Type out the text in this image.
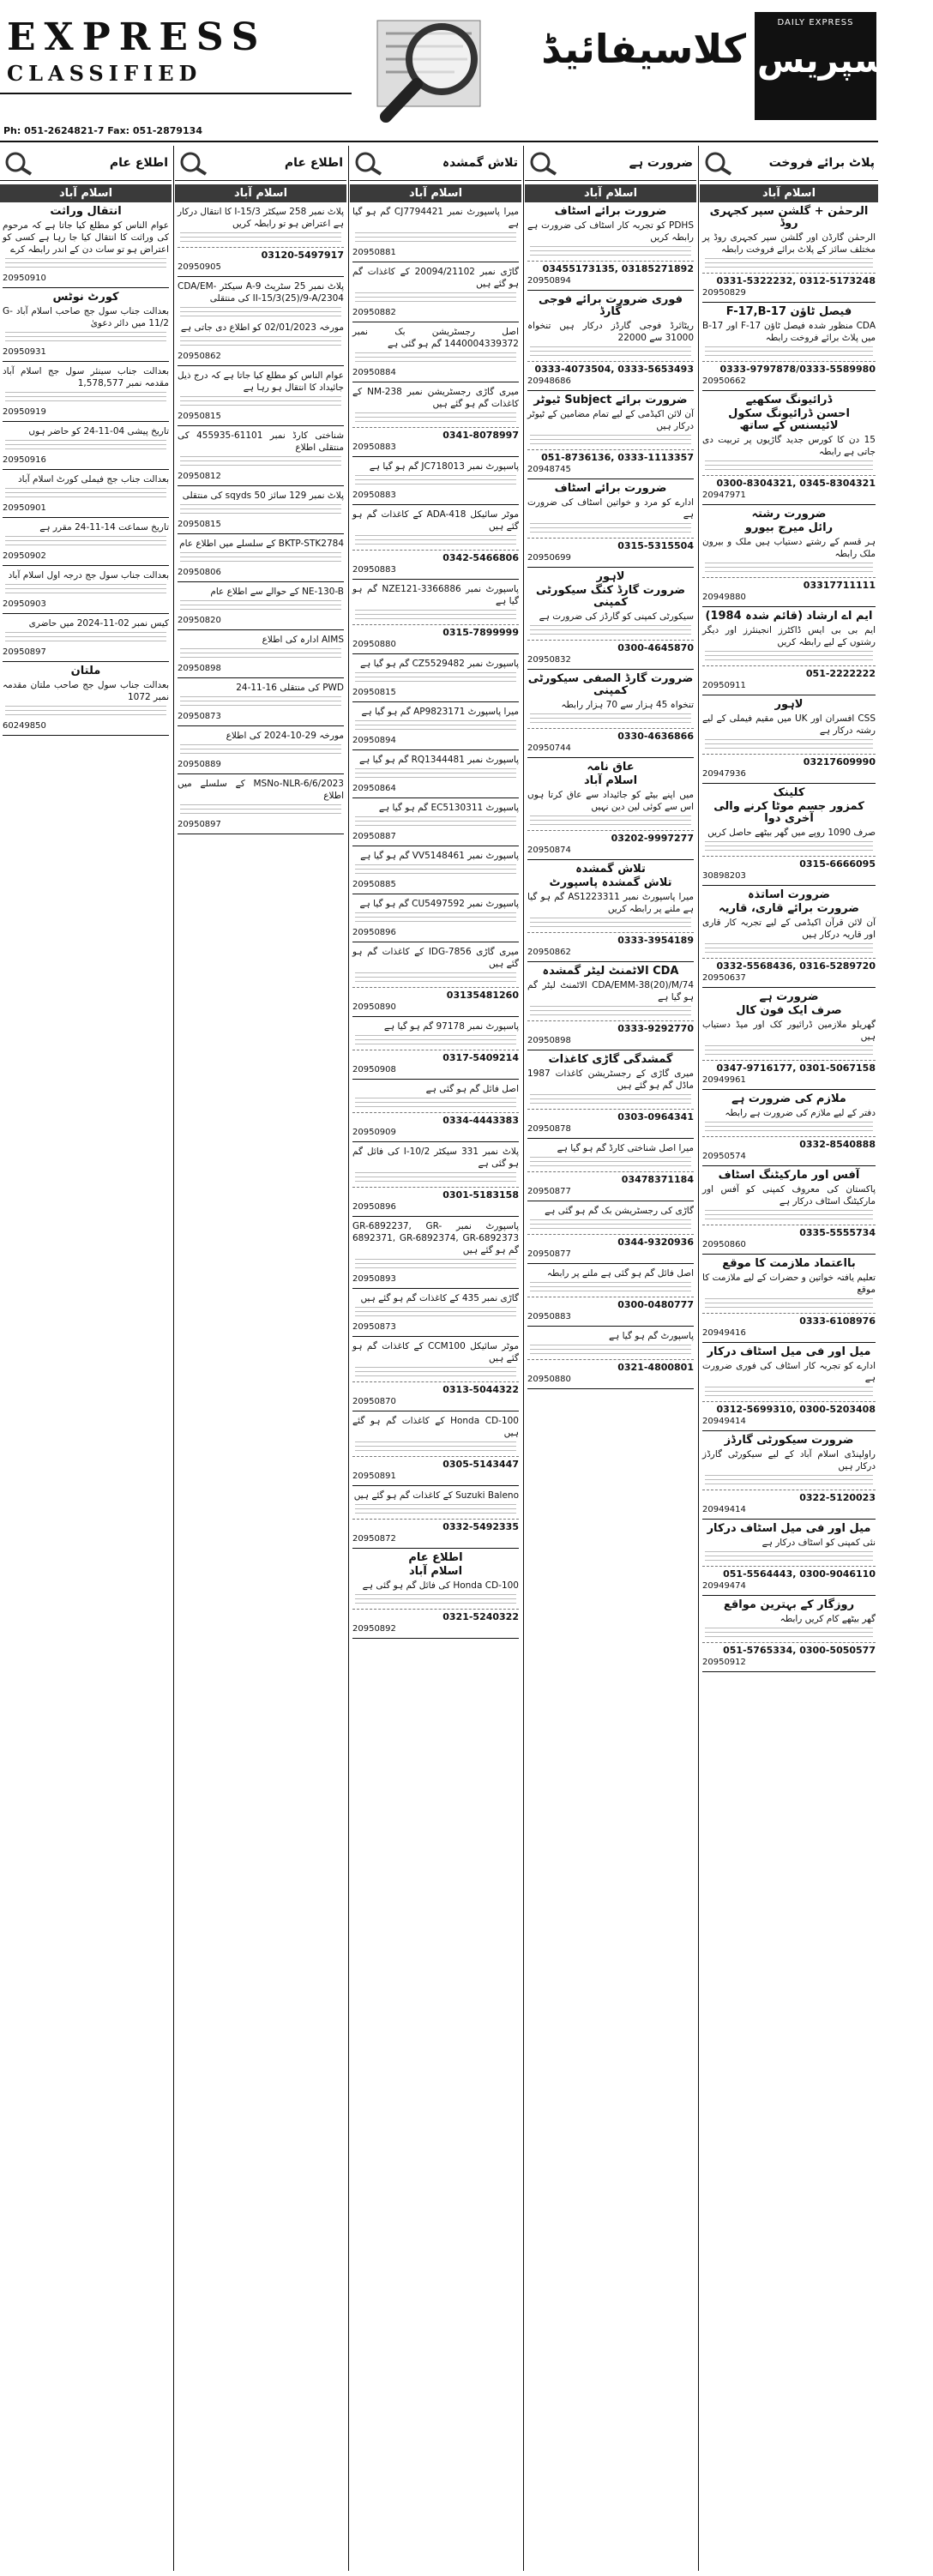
EXPRESS
CLASSIFIED
Ph: 051-2624821-7 Fax: 051-2879134
کلاسیفائیڈ
DAILY EXPRESS
ایکسپریس
اطلاع عام
اسلام آباد
انتقال وراثت
عوام الناس کو مطلع کیا جاتا ہے کہ مرحوم کی وراثت کا انتقال کیا جا رہا ہے کسی کو اعتراض ہو تو سات دن کے اندر رابطہ کرے
20950910
کورٹ نوٹس
بعدالت جناب سول جج صاحب اسلام آباد G-11/2 میں دائر دعویٰ
20950931
بعدالت جناب سینئر سول جج اسلام آباد مقدمہ نمبر 1,578,577
20950919
تاریخ پیشی 04-11-24 کو حاضر ہوں
20950916
بعدالت جناب جج فیملی کورٹ اسلام آباد
20950901
تاریخ سماعت 14-11-24 مقرر ہے
20950902
بعدالت جناب سول جج درجہ اول اسلام آباد
20950903
کیس نمبر 02-11-2024 میں حاضری
20950897
ملتان
بعدالت جناب سول جج صاحب ملتان مقدمہ نمبر 1072
60249850
اطلاع عام
اسلام آباد
پلاٹ نمبر 258 سیکٹر I-15/3 کا انتقال درکار ہے اعتراض ہو تو رابطہ کریں
03120-5497917
20950905
پلاٹ نمبر 25 سٹریٹ 9-A سیکٹر CDA/EM-II-15/3(25)/9-A/2304 کی منتقلی
مورخہ 02/01/2023 کو اطلاع دی جاتی ہے
20950862
عوام الناس کو مطلع کیا جاتا ہے کہ درج ذیل جائیداد کا انتقال ہو رہا ہے
20950815
شناختی کارڈ نمبر 61101-455935 کی منتقلی اطلاع
20950812
پلاٹ نمبر 129 سائز 50 sqyds کی منتقلی
20950815
BKTP-STK2784 کے سلسلے میں اطلاع عام
20950806
NE-130-B کے حوالے سے اطلاع عام
20950820
AIMS ادارہ کی اطلاع
20950898
PWD کی منتقلی 16-11-24
20950873
مورخہ 29-10-2024 کی اطلاع
20950889
MSNo-NLR-6/6/2023 کے سلسلے میں اطلاع
20950897
تلاش گمشدہ
اسلام آباد
میرا پاسپورٹ نمبر CJ7794421 گم ہو گیا ہے
20950881
گاڑی نمبر 20094/21102 کے کاغذات گم ہو گئے ہیں
20950882
اصل رجسٹریشن بک نمبر 1440004339372 گم ہو گئی ہے
20950884
میری گاڑی رجسٹریشن نمبر NM-238 کے کاغذات گم ہو گئے ہیں
0341-8078997
20950883
پاسپورٹ نمبر JC718013 گم ہو گیا ہے
20950883
موٹر سائیکل ADA-418 کے کاغذات گم ہو گئے ہیں
0342-5466806
20950883
پاسپورٹ نمبر NZE121-3366886 گم ہو گیا ہے
0315-7899999
20950880
پاسپورٹ نمبر CZ5529482 گم ہو گیا ہے
20950815
میرا پاسپورٹ AP9823171 گم ہو گیا ہے
20950894
پاسپورٹ نمبر RQ1344481 گم ہو گیا ہے
20950864
پاسپورٹ EC5130311 گم ہو گیا ہے
20950887
پاسپورٹ نمبر VV5148461 گم ہو گیا ہے
20950885
پاسپورٹ نمبر CU5497592 گم ہو گیا ہے
20950896
میری گاڑی IDG-7856 کے کاغذات گم ہو گئے ہیں
03135481260
20950890
پاسپورٹ نمبر 97178 گم ہو گیا ہے
0317-5409214
20950908
اصل فائل گم ہو گئی ہے
0334-4443383
20950909
پلاٹ نمبر 331 سیکٹر I-10/2 کی فائل گم ہو گئی ہے
0301-5183158
20950896
پاسپورٹ نمبر GR-6892237, GR-6892371, GR-6892374, GR-6892373 گم ہو گئے ہیں
20950893
گاڑی نمبر 435 کے کاغذات گم ہو گئے ہیں
20950873
موٹر سائیکل CCM100 کے کاغذات گم ہو گئے ہیں
0313-5044322
20950870
Honda CD-100 کے کاغذات گم ہو گئے ہیں
0305-5143447
20950891
Suzuki Baleno کے کاغذات گم ہو گئے ہیں
0332-5492335
20950872
اطلاع عام
اسلام آباد
Honda CD-100 کی فائل گم ہو گئی ہے
0321-5240322
20950892
ضرورت ہے
اسلام آباد
ضرورت برائے اسٹاف
PDHS کو تجربہ کار اسٹاف کی ضرورت ہے رابطہ کریں
03455173135, 03185271892
20950894
فوری ضرورت برائے فوجی گارڈ
ریٹائرڈ فوجی گارڈز درکار ہیں تنخواہ 31000 سے 22000
0333-4073504, 0333-5653493
20948686
ضرورت برائے Subject ٹیوٹر
آن لائن اکیڈمی کے لیے تمام مضامین کے ٹیوٹر درکار ہیں
051-8736136, 0333-1113357
20948745
ضرورت برائے اسٹاف
ادارے کو مرد و خواتین اسٹاف کی ضرورت ہے
0315-5315504
20950699
لاہور
ضرورت گارڈ کنگ سیکورٹی کمپنی
سیکورٹی کمپنی کو گارڈز کی ضرورت ہے
0300-4645870
20950832
ضرورت گارڈ الصفی سیکورٹی کمپنی
تنخواہ 45 ہزار سے 70 ہزار رابطہ
0330-4636866
20950744
عاق نامہ
اسلام آباد
میں اپنے بیٹے کو جائیداد سے عاق کرتا ہوں اس سے کوئی لین دین نہیں
03202-9997277
20950874
تلاش گمشدہ
تلاش گمشدہ پاسپورٹ
میرا پاسپورٹ نمبر AS1223311 گم ہو گیا ہے ملنے پر رابطہ کریں
0333-3954189
20950862
CDA الاٹمنٹ لیٹر گمشدہ
CDA/EMM-38(20)/M/74 الاٹمنٹ لیٹر گم ہو گیا ہے
0333-9292770
20950898
گمشدگی گاڑی کاغذات
میری گاڑی کے رجسٹریشن کاغذات 1987 ماڈل گم ہو گئے ہیں
0303-0964341
20950878
میرا اصل شناختی کارڈ گم ہو گیا ہے
03478371184
20950877
گاڑی کی رجسٹریشن بک گم ہو گئی ہے
0344-9320936
20950877
اصل فائل گم ہو گئی ہے ملنے پر رابطہ
0300-0480777
20950883
پاسپورٹ گم ہو گیا ہے
0321-4800801
20950880
پلاٹ برائے فروخت
اسلام آباد
الرحمٰن + گلشن سپر کجہری روڈ
الرحمٰن گارڈن اور گلشن سپر کجہری روڈ پر مختلف سائز کے پلاٹ برائے فروخت رابطہ
0331-5322232, 0312-5173248
20950829
فیصل ٹاؤن F-17,B-17
CDA منظور شدہ فیصل ٹاؤن F-17 اور B-17 میں پلاٹ برائے فروخت رابطہ
0333-9797878/0333-5589980
20950662
ڈرائیونگ سکھیے
احسن ڈرائیونگ سکول لائیسنس کے ساتھ
15 دن کا کورس جدید گاڑیوں پر تربیت دی جاتی ہے رابطہ
0300-8304321, 0345-8304321
20947971
ضرورت رشتہ
رائل میرج بیورو
ہر قسم کے رشتے دستیاب ہیں ملک و بیرون ملک رابطہ
03317711111
20949880
ایم اے ارشاد (قائم شدہ 1984)
ایم بی بی ایس ڈاکٹرز انجینئرز اور دیگر رشتوں کے لیے رابطہ کریں
051-2222222
20950911
لاہور
CSS افسران اور UK میں مقیم فیملی کے لیے رشتہ درکار ہے
03217609990
20947936
کلینک
کمزور جسم موٹا کرنے والی آخری دوا
صرف 1090 روپے میں گھر بیٹھے حاصل کریں
0315-6666095
30898203
ضرورت اساتذہ
ضرورت برائے قاری، قاریہ
آن لائن قرآن اکیڈمی کے لیے تجربہ کار قاری اور قاریہ درکار ہیں
0332-5568436, 0316-5289720
20950637
ضرورت ہے
صرف ایک فون کال
گھریلو ملازمین ڈرائیور کک اور میڈ دستیاب ہیں
0347-9716177, 0301-5067158
20949961
ملازم کی ضرورت ہے
دفتر کے لیے ملازم کی ضرورت ہے رابطہ
0332-8540888
20950574
آفس اور مارکیٹنگ اسٹاف
پاکستان کی معروف کمپنی کو آفس اور مارکیٹنگ اسٹاف درکار ہے
0335-5555734
20950860
بااعتماد ملازمت کا موقع
تعلیم یافتہ خواتین و حضرات کے لیے ملازمت کا موقع
0333-6108976
20949416
میل اور فی میل اسٹاف درکار
ادارے کو تجربہ کار اسٹاف کی فوری ضرورت ہے
0312-5699310, 0300-5203408
20949414
ضرورت سیکورٹی گارڈز
راولپنڈی اسلام آباد کے لیے سیکورٹی گارڈز درکار ہیں
0322-5120023
20949414
میل اور فی میل اسٹاف درکار
نئی کمپنی کو اسٹاف درکار ہے
051-5564443, 0300-9046110
20949474
روزگار کے بہترین مواقع
گھر بیٹھے کام کریں رابطہ
051-5765334, 0300-5050577
20950912
